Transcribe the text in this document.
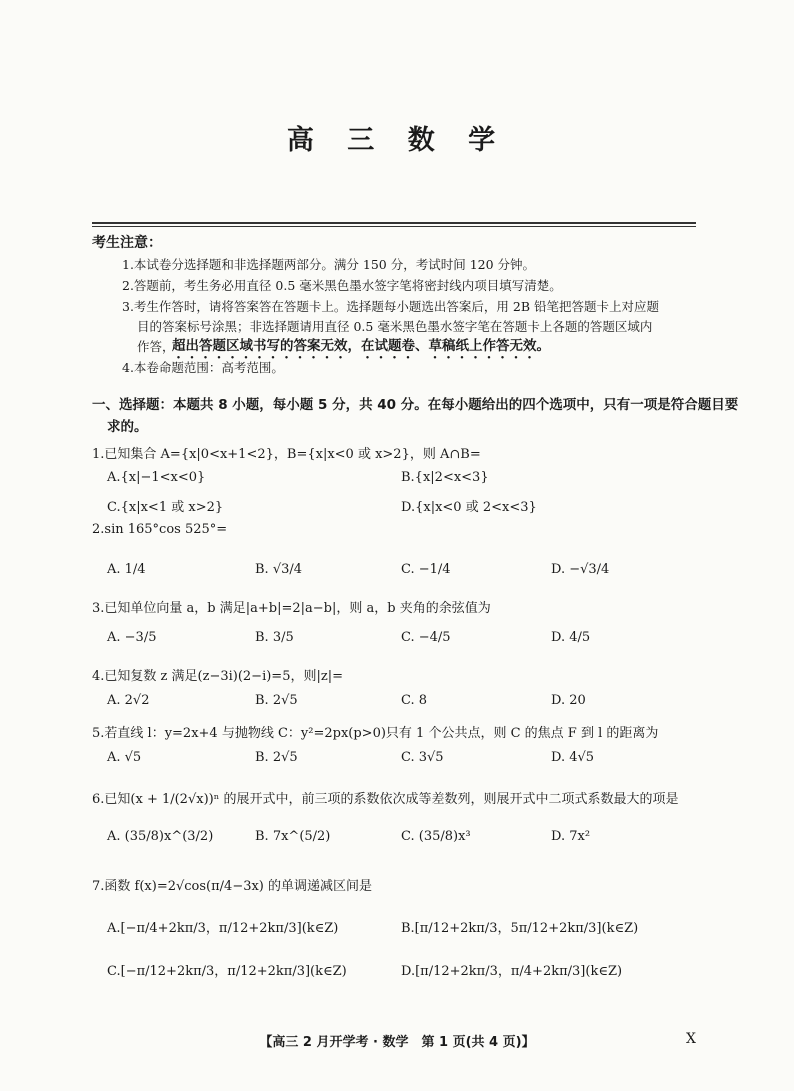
高 三 数 学
考生注意：
1.本试卷分选择题和非选择题两部分。满分 150 分，考试时间 120 分钟。
2.答题前，考生务必用直径 0.5 毫米黑色墨水签字笔将密封线内项目填写清楚。
3.考生作答时，请将答案答在答题卡上。选择题每小题选出答案后，用 2B 铅笔把答题卡上对应题
目的答案标号涂黑；非选择题请用直径 0.5 毫米黑色墨水签字笔在答题卡上各题的答题区域内
作答，
超出答题区域书写的答案无效，在试题卷、草稿纸上作答无效。
4.本卷命题范围：高考范围。
一、选择题：本题共 8 小题，每小题 5 分，共 40 分。在每小题给出的四个选项中，只有一项是符合题目要
求的。
1.已知集合 A={x|0<x+1<2}，B={x|x<0 或 x>2}，则 A∩B=
A.{x|−1<x<0}	B.{x|2<x<3}
C.{x|x<1 或 x>2}	D.{x|x<0 或 2<x<3}
2.sin 165°cos 525°=
A. 1/4	B. √3/4	C. −1/4	D. −√3/4
3.已知单位向量 a，b 满足|a+b|=2|a−b|，则 a，b 夹角的余弦值为
A. −3/5	B. 3/5	C. −4/5	D. 4/5
4.已知复数 z 满足(z−3i)(2−i)=5，则|z|=
A. 2√2	B. 2√5	C. 8	D. 20
5.若直线 l：y=2x+4 与抛物线 C：y²=2px(p>0)只有 1 个公共点，则 C 的焦点 F 到 l 的距离为
A. √5	B. 2√5	C. 3√5	D. 4√5
6.已知(x + 1/(2√x))ⁿ 的展开式中，前三项的系数依次成等差数列，则展开式中二项式系数最大的项是
A. (35/8)x^(3/2)	B. 7x^(5/2)	C. (35/8)x³	D. 7x²
7.函数 f(x)=2√cos(π/4−3x) 的单调递减区间是
A.[−π/4+2kπ/3，π/12+2kπ/3](k∈Z)	B.[π/12+2kπ/3，5π/12+2kπ/3](k∈Z)
C.[−π/12+2kπ/3，π/12+2kπ/3](k∈Z)	D.[π/12+2kπ/3，π/4+2kπ/3](k∈Z)
【高三 2 月开学考 · 数学　第 1 页(共 4 页)】	X
